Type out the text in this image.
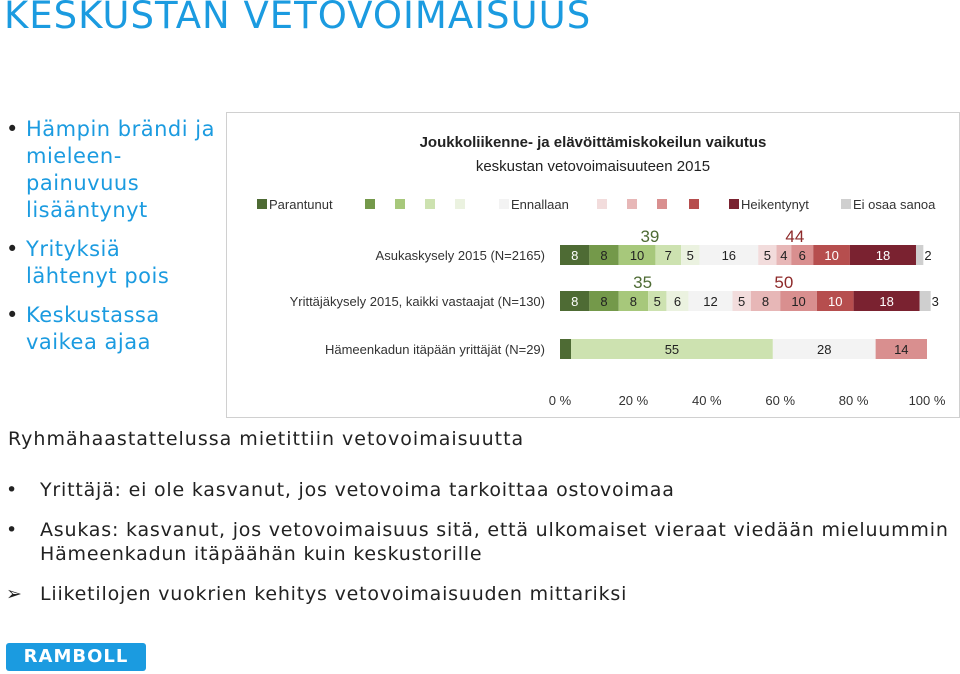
KESKUSTAN VETOVOIMAISUUS
• Hämpin brändi ja mieleen-painuvuus lisääntynyt
• Yrityksiä lähtenyt pois
• Keskustassa vaikea ajaa
Joukkoliikenne- ja elävöittämiskokeilun vaikutus
keskustan vetovoimaisuuteen 2015
Parantunut	Ennallaan	Heikentynyt	Ei osaa sanoa
Asukaskysely 2015 (N=2165) 8 8 10 7 5 16 5 4 6 10	18	2
Yrittäjäkysely 2015, kaikki vastaajat (N=130) 8 8 8 5 6 12 5 8 10 10	18	3
Hämeenkadun itäpään yrittäjät (N=29)	55	28	14
39	44
35	50
0 %	20 %	40 %	60 %	80 %	100 %

Ryhmähaastattelussa mietittiin vetovoimaisuutta

• Yrittäjä: ei ole kasvanut, jos vetovoima tarkoittaa ostovoimaa
• Asukas: kasvanut, jos vetovoimaisuus sitä, että ulkomaiset vieraat viedään mieluummin Hämeenkadun itäpäähän kuin keskustorille
➢ Liiketilojen vuokrien kehitys vetovoimaisuuden mittariksi
RAMBOLL
